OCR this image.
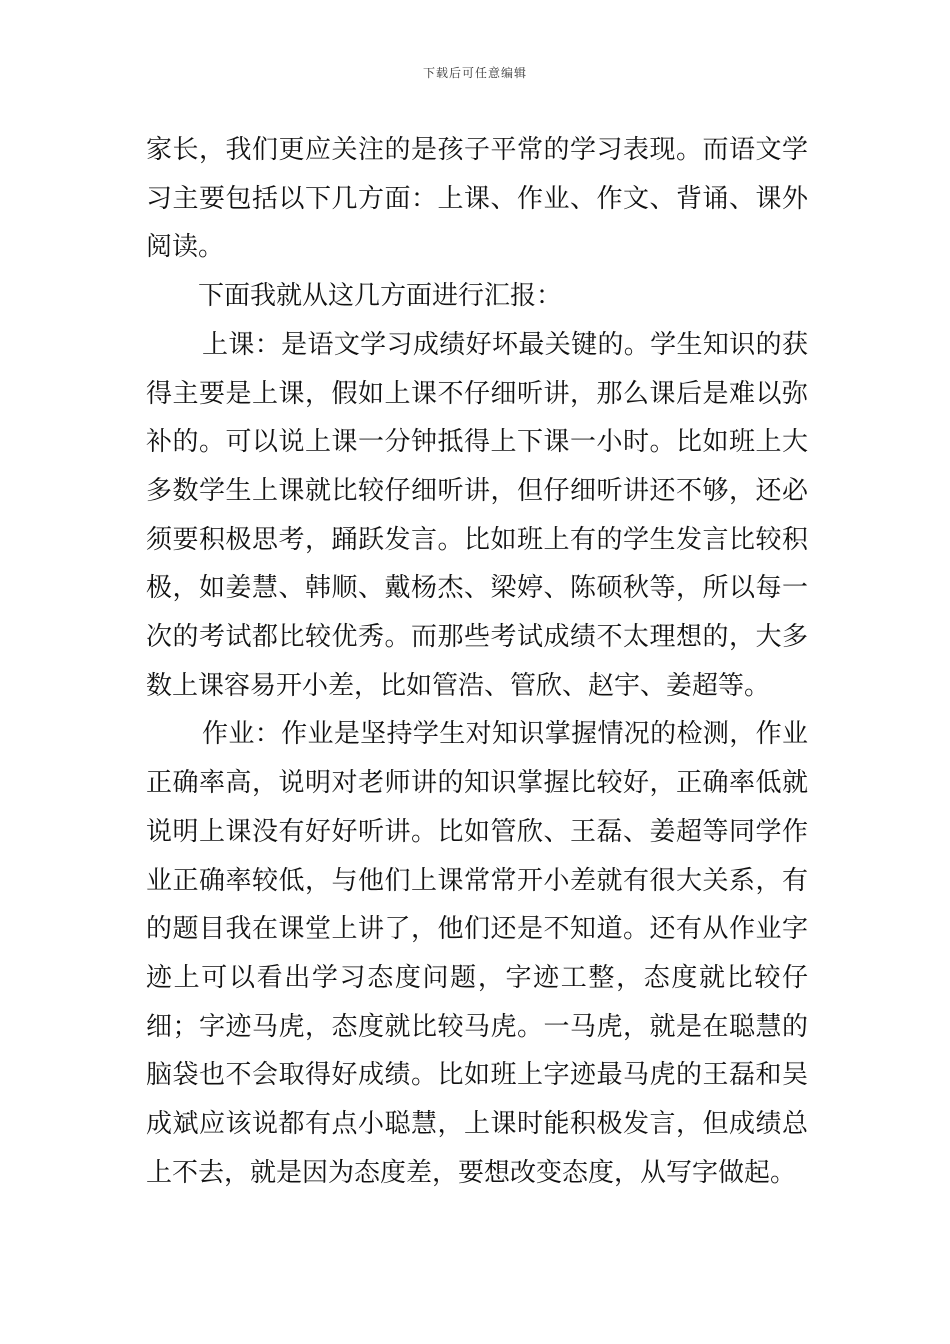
下载后可任意编辑

家长，我们更应关注的是孩子平常的学习表现。而语文学习主要包括以下几方面：上课、作业、作文、背诵、课外阅读。

下面我就从这几方面进行汇报：

上课：是语文学习成绩好坏最关键的。学生知识的获得主要是上课，假如上课不仔细听讲，那么课后是难以弥补的。可以说上课一分钟抵得上下课一小时。比如班上大多数学生上课就比较仔细听讲，但仔细听讲还不够，还必须要积极思考，踊跃发言。比如班上有的学生发言比较积极，如姜慧、韩顺、戴杨杰、梁婷、陈硕秋等，所以每一次的考试都比较优秀。而那些考试成绩不太理想的，大多数上课容易开小差，比如管浩、管欣、赵宇、姜超等。

作业：作业是坚持学生对知识掌握情况的检测，作业正确率高，说明对老师讲的知识掌握比较好，正确率低就说明上课没有好好听讲。比如管欣、王磊、姜超等同学作业正确率较低，与他们上课常常开小差就有很大关系，有的题目我在课堂上讲了，他们还是不知道。还有从作业字迹上可以看出学习态度问题，字迹工整，态度就比较仔细；字迹马虎，态度就比较马虎。一马虎，就是在聪慧的脑袋也不会取得好成绩。比如班上字迹最马虎的王磊和吴成斌应该说都有点小聪慧，上课时能积极发言，但成绩总上不去，就是因为态度差，要想改变态度，从写字做起。
